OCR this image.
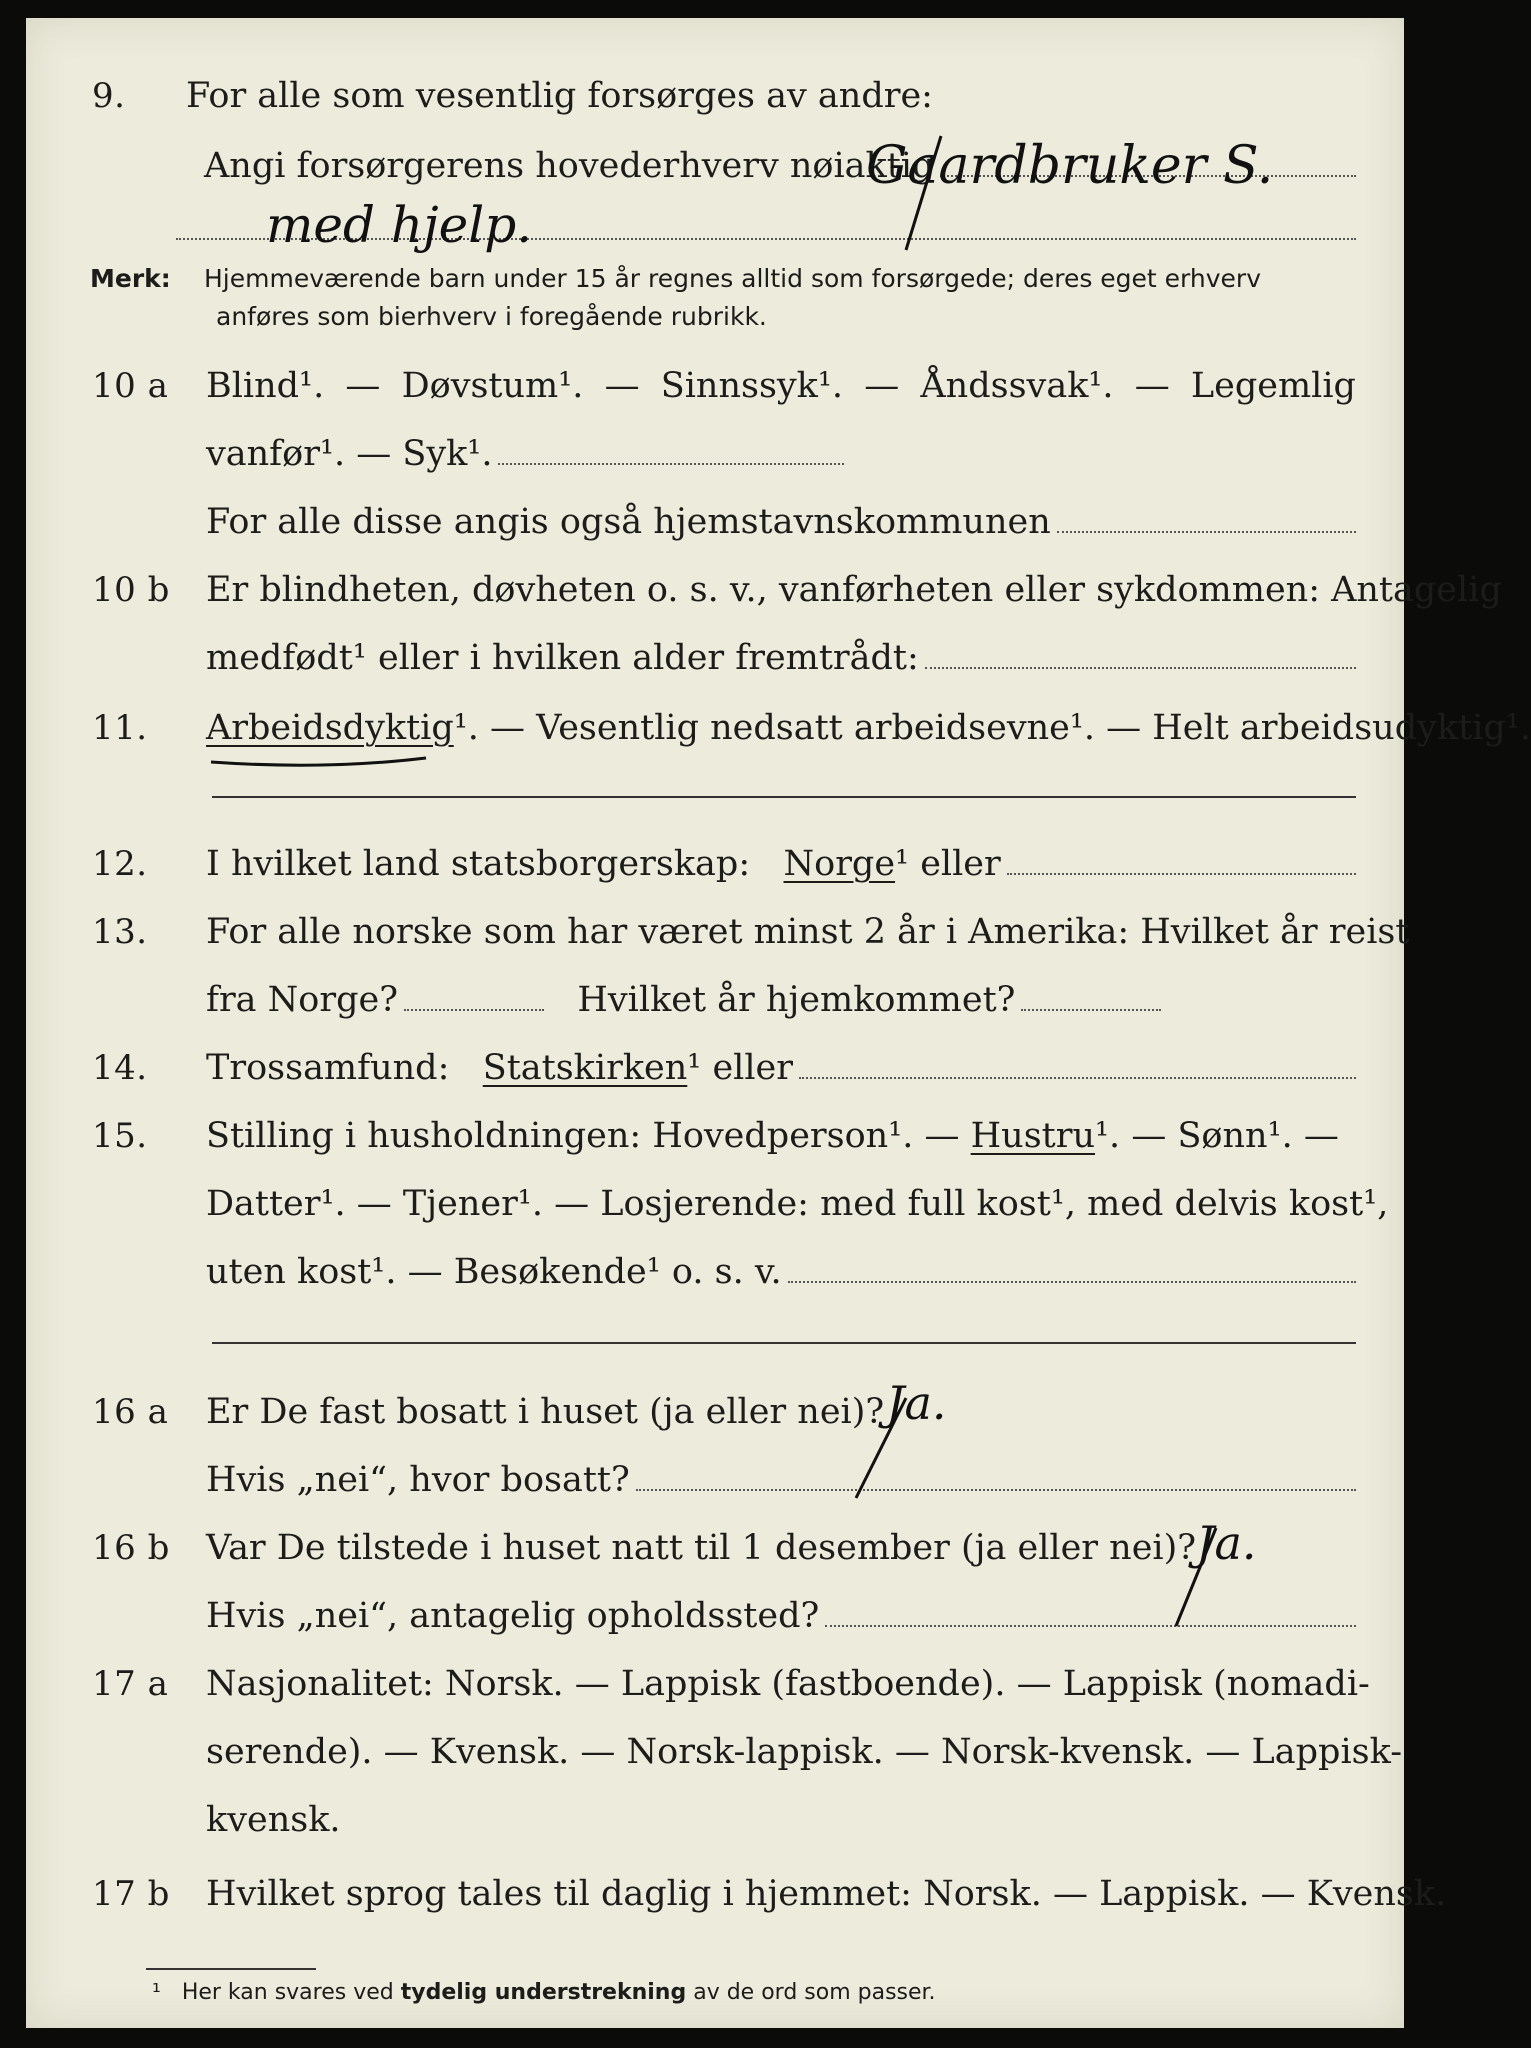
9. For alle som vesentlig forsørges av andre:
Angi forsørgerens hovederhverv nøiaktig
Gaardbruker S.
med hjelp.
Merk: Hjemmeværende barn under 15 år regnes alltid som forsørgede; deres eget erhverv
anføres som bierhverv i foregående rubrikk.
10 a Blind¹. — Døvstum¹. — Sinnssyk¹. — Åndssvak¹. — Legemlig
vanfør¹. — Syk¹.
For alle disse angis også hjemstavnskommunen
10 b Er blindheten, døvheten o. s. v., vanførheten eller sykdommen: Antagelig
medfødt¹ eller i hvilken alder fremtrådt:
11. Arbeidsdyktig ¹. — Vesentlig nedsatt arbeidsevne¹. — Helt arbeidsudyktig¹.
12. I hvilket land statsborgerskap:
Norge ¹ eller
13. For alle norske som har været minst 2 år i Amerika: Hvilket år reist
fra Norge?
	Hvilket år hjemkommet?
14. Trossamfund:
Statskirken ¹ eller
15. Stilling i husholdningen: Hovedperson¹. —
Hustru ¹. — Sønn¹. —
Datter¹. — Tjener¹. — Losjerende: med full kost¹, med delvis kost¹,
uten kost¹. — Besøkende¹ o. s. v.
16 a Er De fast bosatt i huset (ja eller nei)? Ja.
Hvis „nei“, hvor bosatt?
16 b Var De tilstede i huset natt til 1 desember (ja eller nei)? Ja.
Hvis „nei“, antagelig opholdssted?
17 a Nasjonalitet: Norsk. — Lappisk (fastboende). — Lappisk (nomadi-
serende). — Kvensk. — Norsk-lappisk. — Norsk-kvensk. — Lappisk-
kvensk.
17 b Hvilket sprog tales til daglig i hjemmet: Norsk. — Lappisk. — Kvensk.
¹ Her kan svares ved tydelig understrekning av de ord som passer.
